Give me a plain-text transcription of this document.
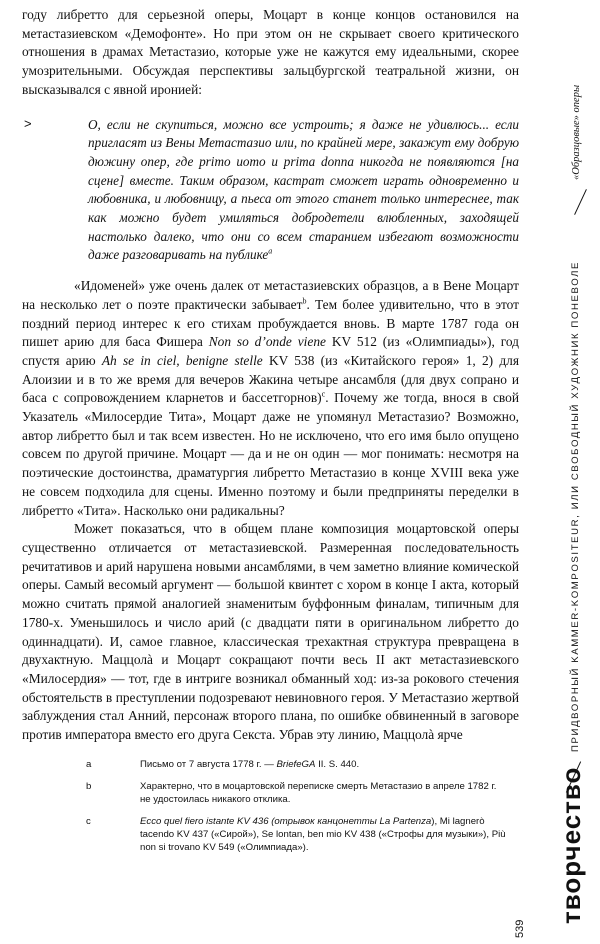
году либретто для серьезной оперы, Моцарт в конце концов остановился на метастазиевском «Демофонте». Но при этом он не скрывает своего критического отношения в драмах Метастазио, которые уже не кажутся ему идеальными, скорее умозрительными. Обсуждая перспективы зальцбургской театральной жизни, он высказывался с явной иронией:

>	О, если не скупиться, можно все устроить; я даже не удивлюсь... если пригласят из Вены Метастазио или, по крайней мере, закажут ему добрую дюжину опер, где primo uomo и prima donna никогда не появляются [на сцене] вместе. Таким образом, кастрат сможет играть одновременно и любовника, и любовницу, а пьеса от этого станет только интереснее, так как можно будет умиляться добродетели влюбленных, заходящей настолько далеко, что они со всем старанием избегают возможности даже разговаривать на публике$^a$

«Идоменей» уже очень далек от метастазиевских образцов, а в Вене Моцарт на несколько лет о поэте практически забывает$^b$. Тем более удивительно, что в этот поздний период интерес к его стихам пробуждается вновь. В марте 1787 года он пишет арию для баса Фишера Non so d’onde viene KV 512 (из «Олимпиады»), год спустя арию Ah se in ciel, benigne stelle KV 538 (из «Китайского героя» 1, 2) для Алоизии и в то же время для вечеров Жакина четыре ансамбля (для двух сопрано и баса с сопровождением кларнетов и бассетгорнов)$^c$. Почему же тогда, внося в свой Указатель «Милосердие Тита», Моцарт даже не упомянул Метастазио? Возможно, автор либретто был и так всем известен. Но не исключено, что его имя было опущено совсем по другой причине. Моцарт — да и не он один — мог понимать: несмотря на поэтические достоинства, драматургия либретто Метастазио в конце XVIII века уже не совсем подходила для сцены. Именно поэтому и были предприняты переделки в либретто «Тита». Насколько они радикальны?

Может показаться, что в общем плане композиция моцартовской оперы существенно отличается от метастазиевской. Размеренная последовательность речитативов и арий нарушена новыми ансамблями, в чем заметно влияние комической оперы. Самый весомый аргумент — большой квинтет с хором в конце I акта, который можно считать прямой аналогией знаменитым буффонным финалам, типичным для 1780-х. Уменьшилось и число арий (с двадцати пяти в оригинальном либретто до одиннадцати). И, самое главное, классическая трехактная структура превращена в двухактную. Маццолà и Моцарт сокращают почти весь II акт метастазиевского «Милосердия» — тот, где в интриге возникал обманный ход: из-за рокового стечения обстоятельств в преступлении подозревают невиновного героя. У Метастазио жертвой заблуждения стал Анний, персонаж второго плана, по ошибке обвиненный в заговоре против императора вместо его друга Секста. Убрав эту линию, Маццолà ярче

a	Письмо от 7 августа 1778 г. — BriefeGA II. S. 440.
b	Характерно, что в моцартовской переписке смерть Метастазио в апреле 1782 г. не удостоилась никакого отклика.
c	Ecco quel fiero istante KV 436 (отрывок канцонетты La Partenza), Mi lagnerò tacendo KV 437 («Сирой»), Se lontan, ben mio KV 438 («Строфы для музыки»), Più non si trovano KV 549 («Олимпиада»).
539
творчество
ПРИДВОРНЫЙ KAMMER-KOMPOSITEUR, ИЛИ СВОБОДНЫЙ ХУДОЖНИК ПОНЕВОЛЕ
«Образцовые» оперы
